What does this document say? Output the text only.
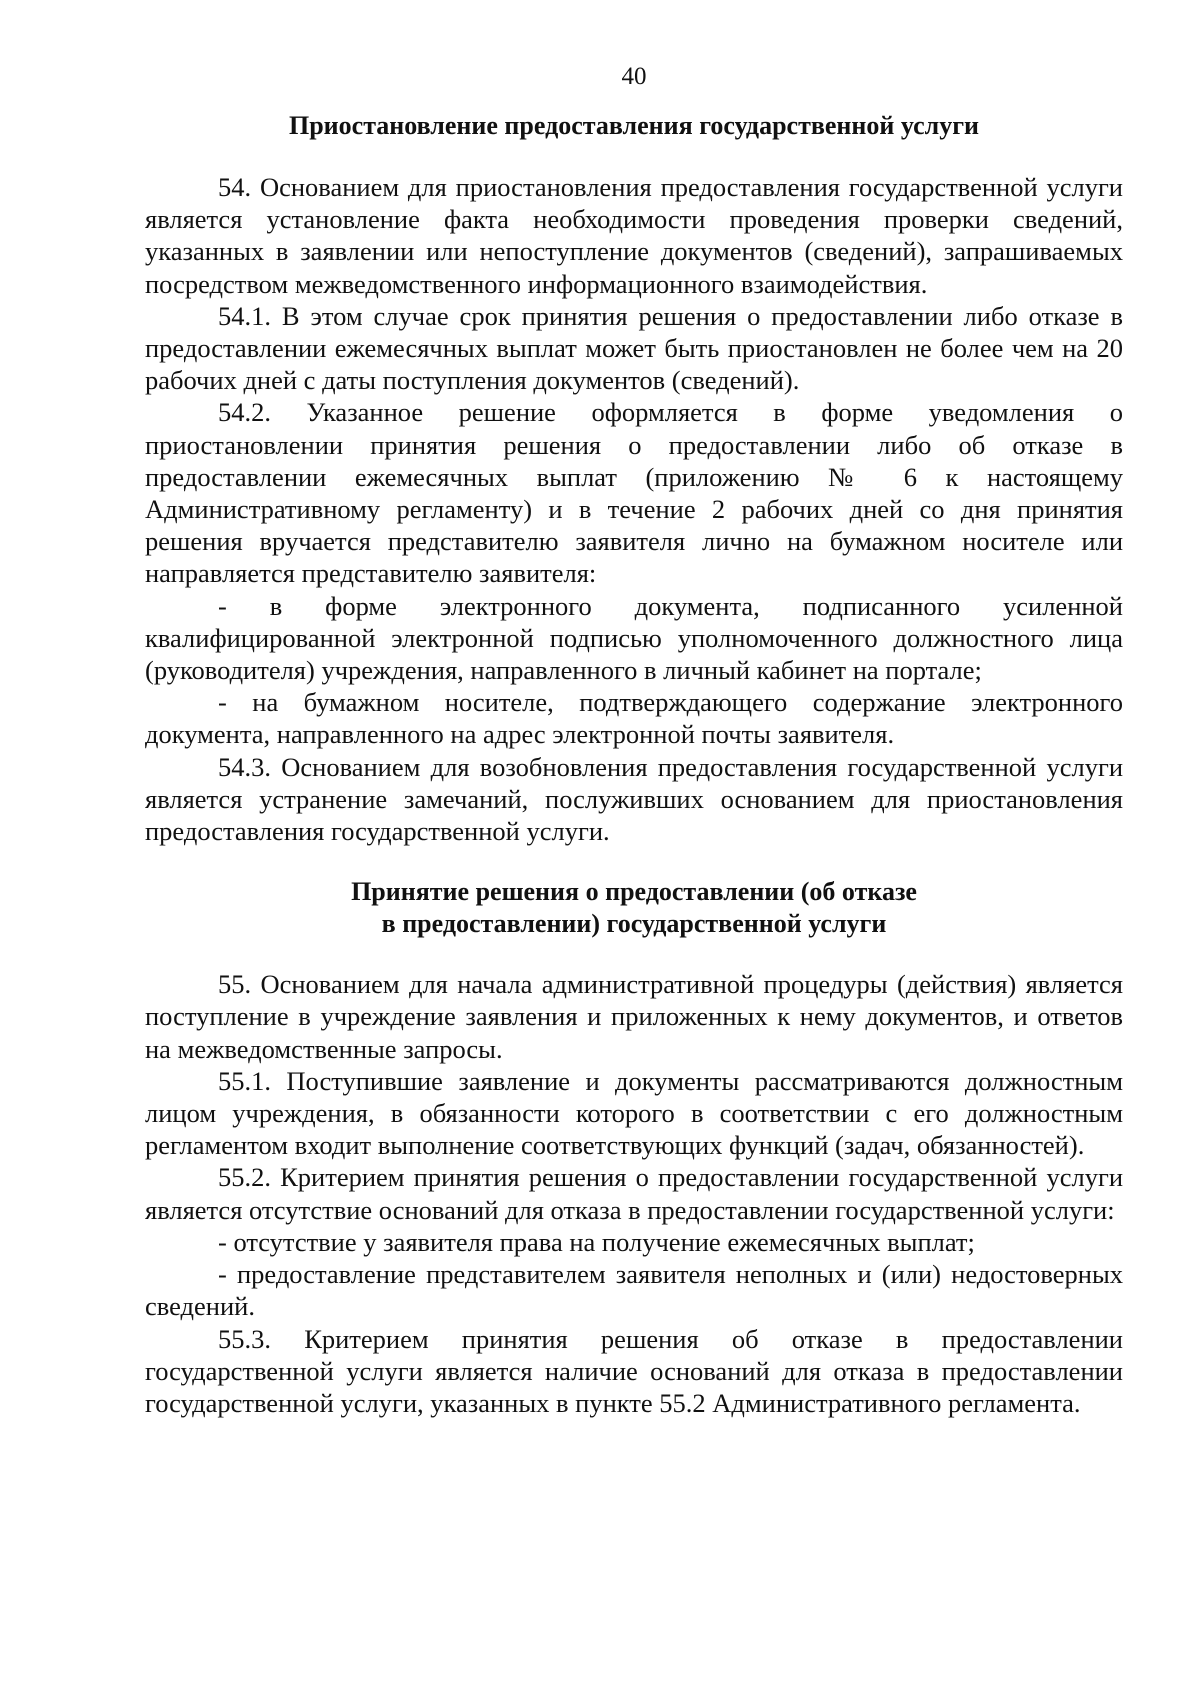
40
Приостановление предоставления государственной услуги

54. Основанием для приостановления предоставления государственной услуги является установление факта необходимости проведения проверки сведений, указанных в заявлении или непоступление документов (сведений), запрашиваемых посредством межведомственного информационного взаимодействия.

54.1. В этом случае срок принятия решения о предоставлении либо отказе в предоставлении ежемесячных выплат может быть приостановлен не более чем на 20 рабочих дней с даты поступления документов (сведений).

54.2. Указанное решение оформляется в форме уведомления о приостановлении принятия решения о предоставлении либо об отказе в предоставлении ежемесячных выплат (приложению № 6 к настоящему Административному регламенту) и в течение 2 рабочих дней со дня принятия решения вручается представителю заявителя лично на бумажном носителе или направляется представителю заявителя:

- в форме электронного документа, подписанного усиленной квалифицированной электронной подписью уполномоченного должностного лица (руководителя) учреждения, направленного в личный кабинет на портале;

- на бумажном носителе, подтверждающего содержание электронного документа, направленного на адрес электронной почты заявителя.

54.3. Основанием для возобновления предоставления государственной услуги является устранение замечаний, послуживших основанием для приостановления предоставления государственной услуги.

Принятие решения о предоставлении (об отказе
в предоставлении) государственной услуги

55. Основанием для начала административной процедуры (действия) является поступление в учреждение заявления и приложенных к нему документов, и ответов на межведомственные запросы.

55.1. Поступившие заявление и документы рассматриваются должностным лицом учреждения, в обязанности которого в соответствии с его должностным регламентом входит выполнение соответствующих функций (задач, обязанностей).

55.2. Критерием принятия решения о предоставлении государственной услуги является отсутствие оснований для отказа в предоставлении государственной услуги:

- отсутствие у заявителя права на получение ежемесячных выплат;

- предоставление представителем заявителя неполных и (или) недостоверных сведений.

55.3. Критерием принятия решения об отказе в предоставлении государственной услуги является наличие оснований для отказа в предоставлении государственной услуги, указанных в пункте 55.2 Административного регламента.
